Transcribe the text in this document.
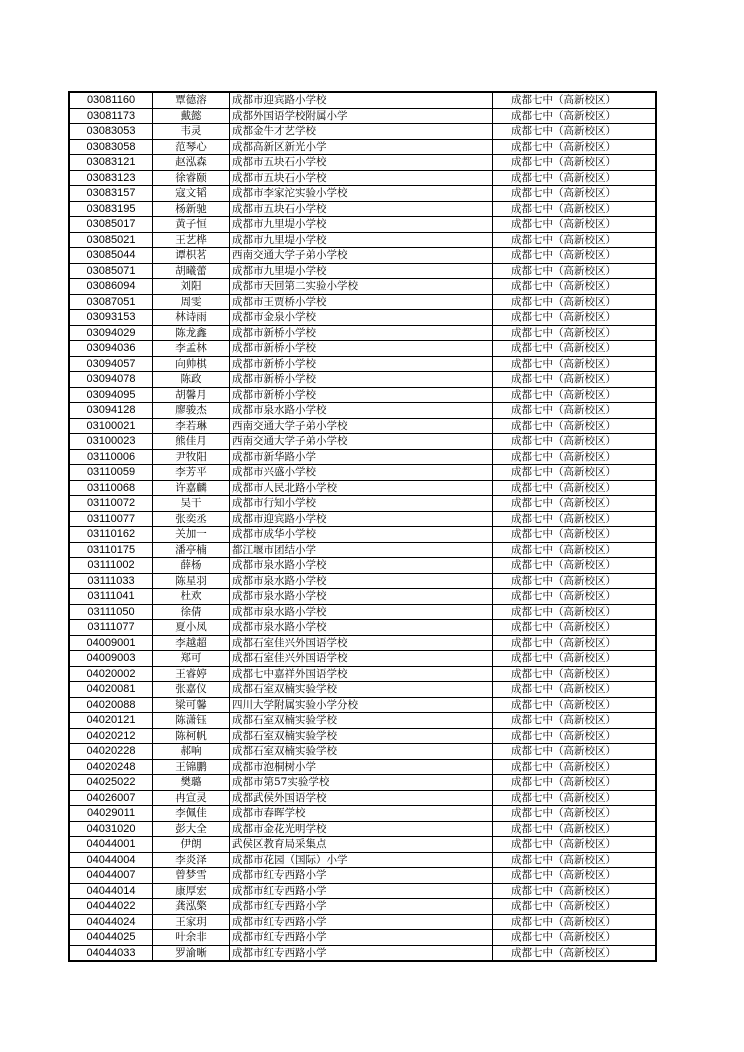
03081160	覃德溶	成都市迎宾路小学校	成都七中（高新校区）
03081173	戴懿	成都外国语学校附属小学	成都七中（高新校区）
03083053	韦灵	成都金牛才艺学校	成都七中（高新校区）
03083058	范琴心	成都高新区新光小学	成都七中（高新校区）
03083121	赵泓森	成都市五块石小学校	成都七中（高新校区）
03083123	徐睿颐	成都市五块石小学校	成都七中（高新校区）
03083157	寇文韬	成都市李家沱实验小学校	成都七中（高新校区）
03083195	杨新驰	成都市五块石小学校	成都七中（高新校区）
03085017	黄子恒	成都市九里堤小学校	成都七中（高新校区）
03085021	王艺桦	成都市九里堤小学校	成都七中（高新校区）
03085044	谭枳茗	西南交通大学子弟小学校	成都七中（高新校区）
03085071	胡曦蕾	成都市九里堤小学校	成都七中（高新校区）
03086094	刘阳	成都市天回第二实验小学校	成都七中（高新校区）
03087051	周雯	成都市王贾桥小学校	成都七中（高新校区）
03093153	林诗雨	成都市金泉小学校	成都七中（高新校区）
03094029	陈龙鑫	成都市新桥小学校	成都七中（高新校区）
03094036	李孟林	成都市新桥小学校	成都七中（高新校区）
03094057	向帅棋	成都市新桥小学校	成都七中（高新校区）
03094078	陈政	成都市新桥小学校	成都七中（高新校区）
03094095	胡馨月	成都市新桥小学校	成都七中（高新校区）
03094128	廖骏杰	成都市泉水路小学校	成都七中（高新校区）
03100021	李若琳	西南交通大学子弟小学校	成都七中（高新校区）
03100023	熊佳月	西南交通大学子弟小学校	成都七中（高新校区）
03110006	尹牧阳	成都市新华路小学	成都七中（高新校区）
03110059	李芳平	成都市兴盛小学校	成都七中（高新校区）
03110068	许嘉麟	成都市人民北路小学校	成都七中（高新校区）
03110072	吴干	成都市行知小学校	成都七中（高新校区）
03110077	张奕丞	成都市迎宾路小学校	成都七中（高新校区）
03110162	关加一	成都市成华小学校	成都七中（高新校区）
03110175	潘亭楠	都江堰市团结小学	成都七中（高新校区）
03111002	薛杨	成都市泉水路小学校	成都七中（高新校区）
03111033	陈星羽	成都市泉水路小学校	成都七中（高新校区）
03111041	杜欢	成都市泉水路小学校	成都七中（高新校区）
03111050	徐倩	成都市泉水路小学校	成都七中（高新校区）
03111077	夏小凤	成都市泉水路小学校	成都七中（高新校区）
04009001	李越超	成都石室佳兴外国语学校	成都七中（高新校区）
04009003	郑可	成都石室佳兴外国语学校	成都七中（高新校区）
04020002	王睿婷	成都七中嘉祥外国语学校	成都七中（高新校区）
04020081	张嘉仪	成都石室双楠实验学校	成都七中（高新校区）
04020088	梁可馨	四川大学附属实验小学分校	成都七中（高新校区）
04020121	陈潇钰	成都石室双楠实验学校	成都七中（高新校区）
04020212	陈柯帆	成都石室双楠实验学校	成都七中（高新校区）
04020228	郝响	成都石室双楠实验学校	成都七中（高新校区）
04020248	王锦鹏	成都市泡桐树小学	成都七中（高新校区）
04025022	樊璐	成都市第57实验学校	成都七中（高新校区）
04026007	冉宣灵	成都武侯外国语学校	成都七中（高新校区）
04029011	李佩佳	成都市春晖学校	成都七中（高新校区）
04031020	彭大全	成都市金花光明学校	成都七中（高新校区）
04044001	伊朗	武侯区教育局采集点	成都七中（高新校区）
04044004	李炎泽	成都市花园（国际）小学	成都七中（高新校区）
04044007	曾梦雪	成都市红专西路小学	成都七中（高新校区）
04044014	康厚宏	成都市红专西路小学	成都七中（高新校区）
04044022	龚泓檠	成都市红专西路小学	成都七中（高新校区）
04044024	王家玥	成都市红专西路小学	成都七中（高新校区）
04044025	叶余非	成都市红专西路小学	成都七中（高新校区）
04044033	罗渝晰	成都市红专西路小学	成都七中（高新校区）
